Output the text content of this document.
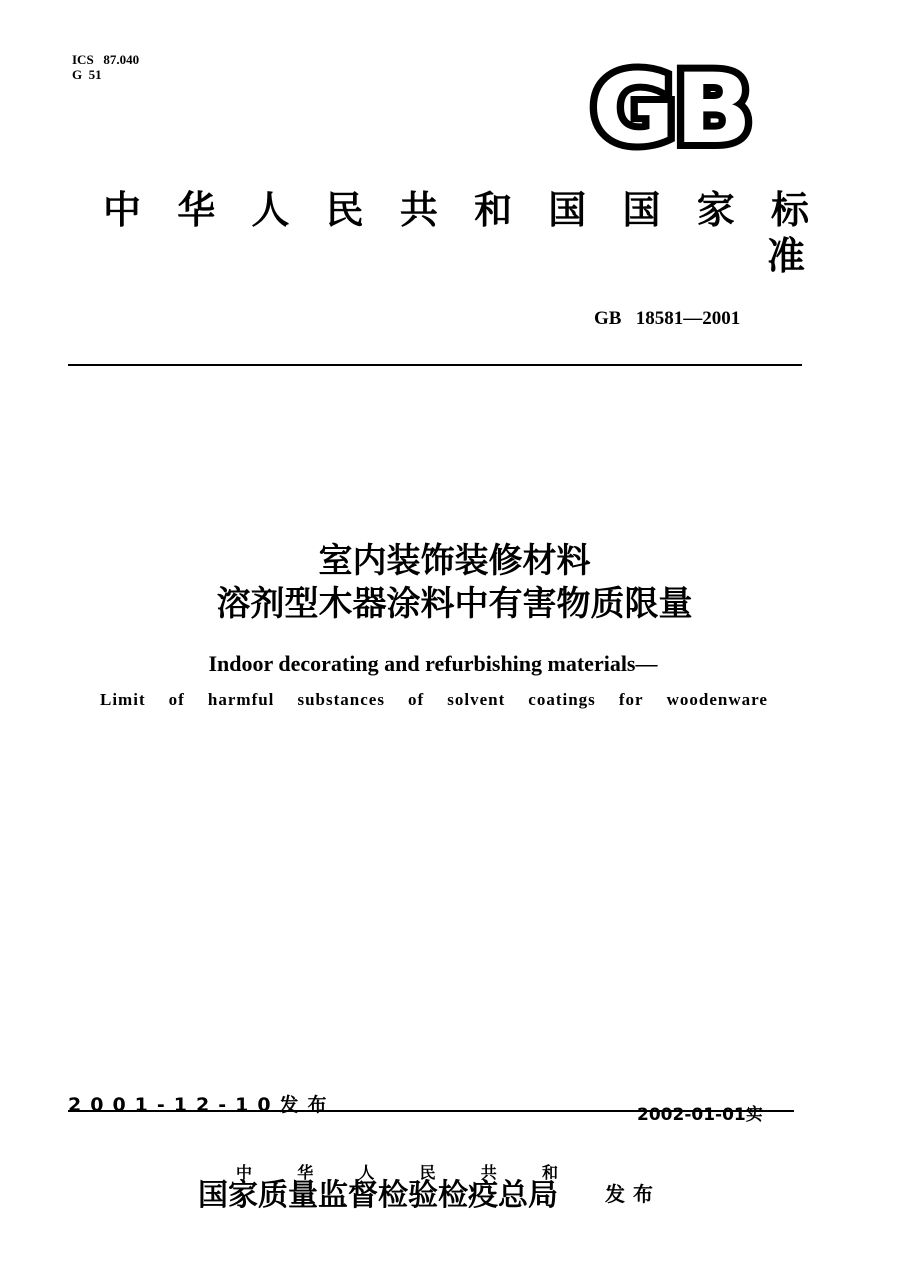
ICS   87.040
G  51	GB
中 华 人 民 共 和 国 国 家 标
准
GB   18581—2001
室内装饰装修材料
溶剂型木器涂料中有害物质限量
Indoor decorating and refurbishing materials—
Limit of harmful substances of solvent coatings for woodenware
2001-12-10发布	2002-01-01实
中	华	人	民	共	和
国家质量监督检验检疫总局 发布
